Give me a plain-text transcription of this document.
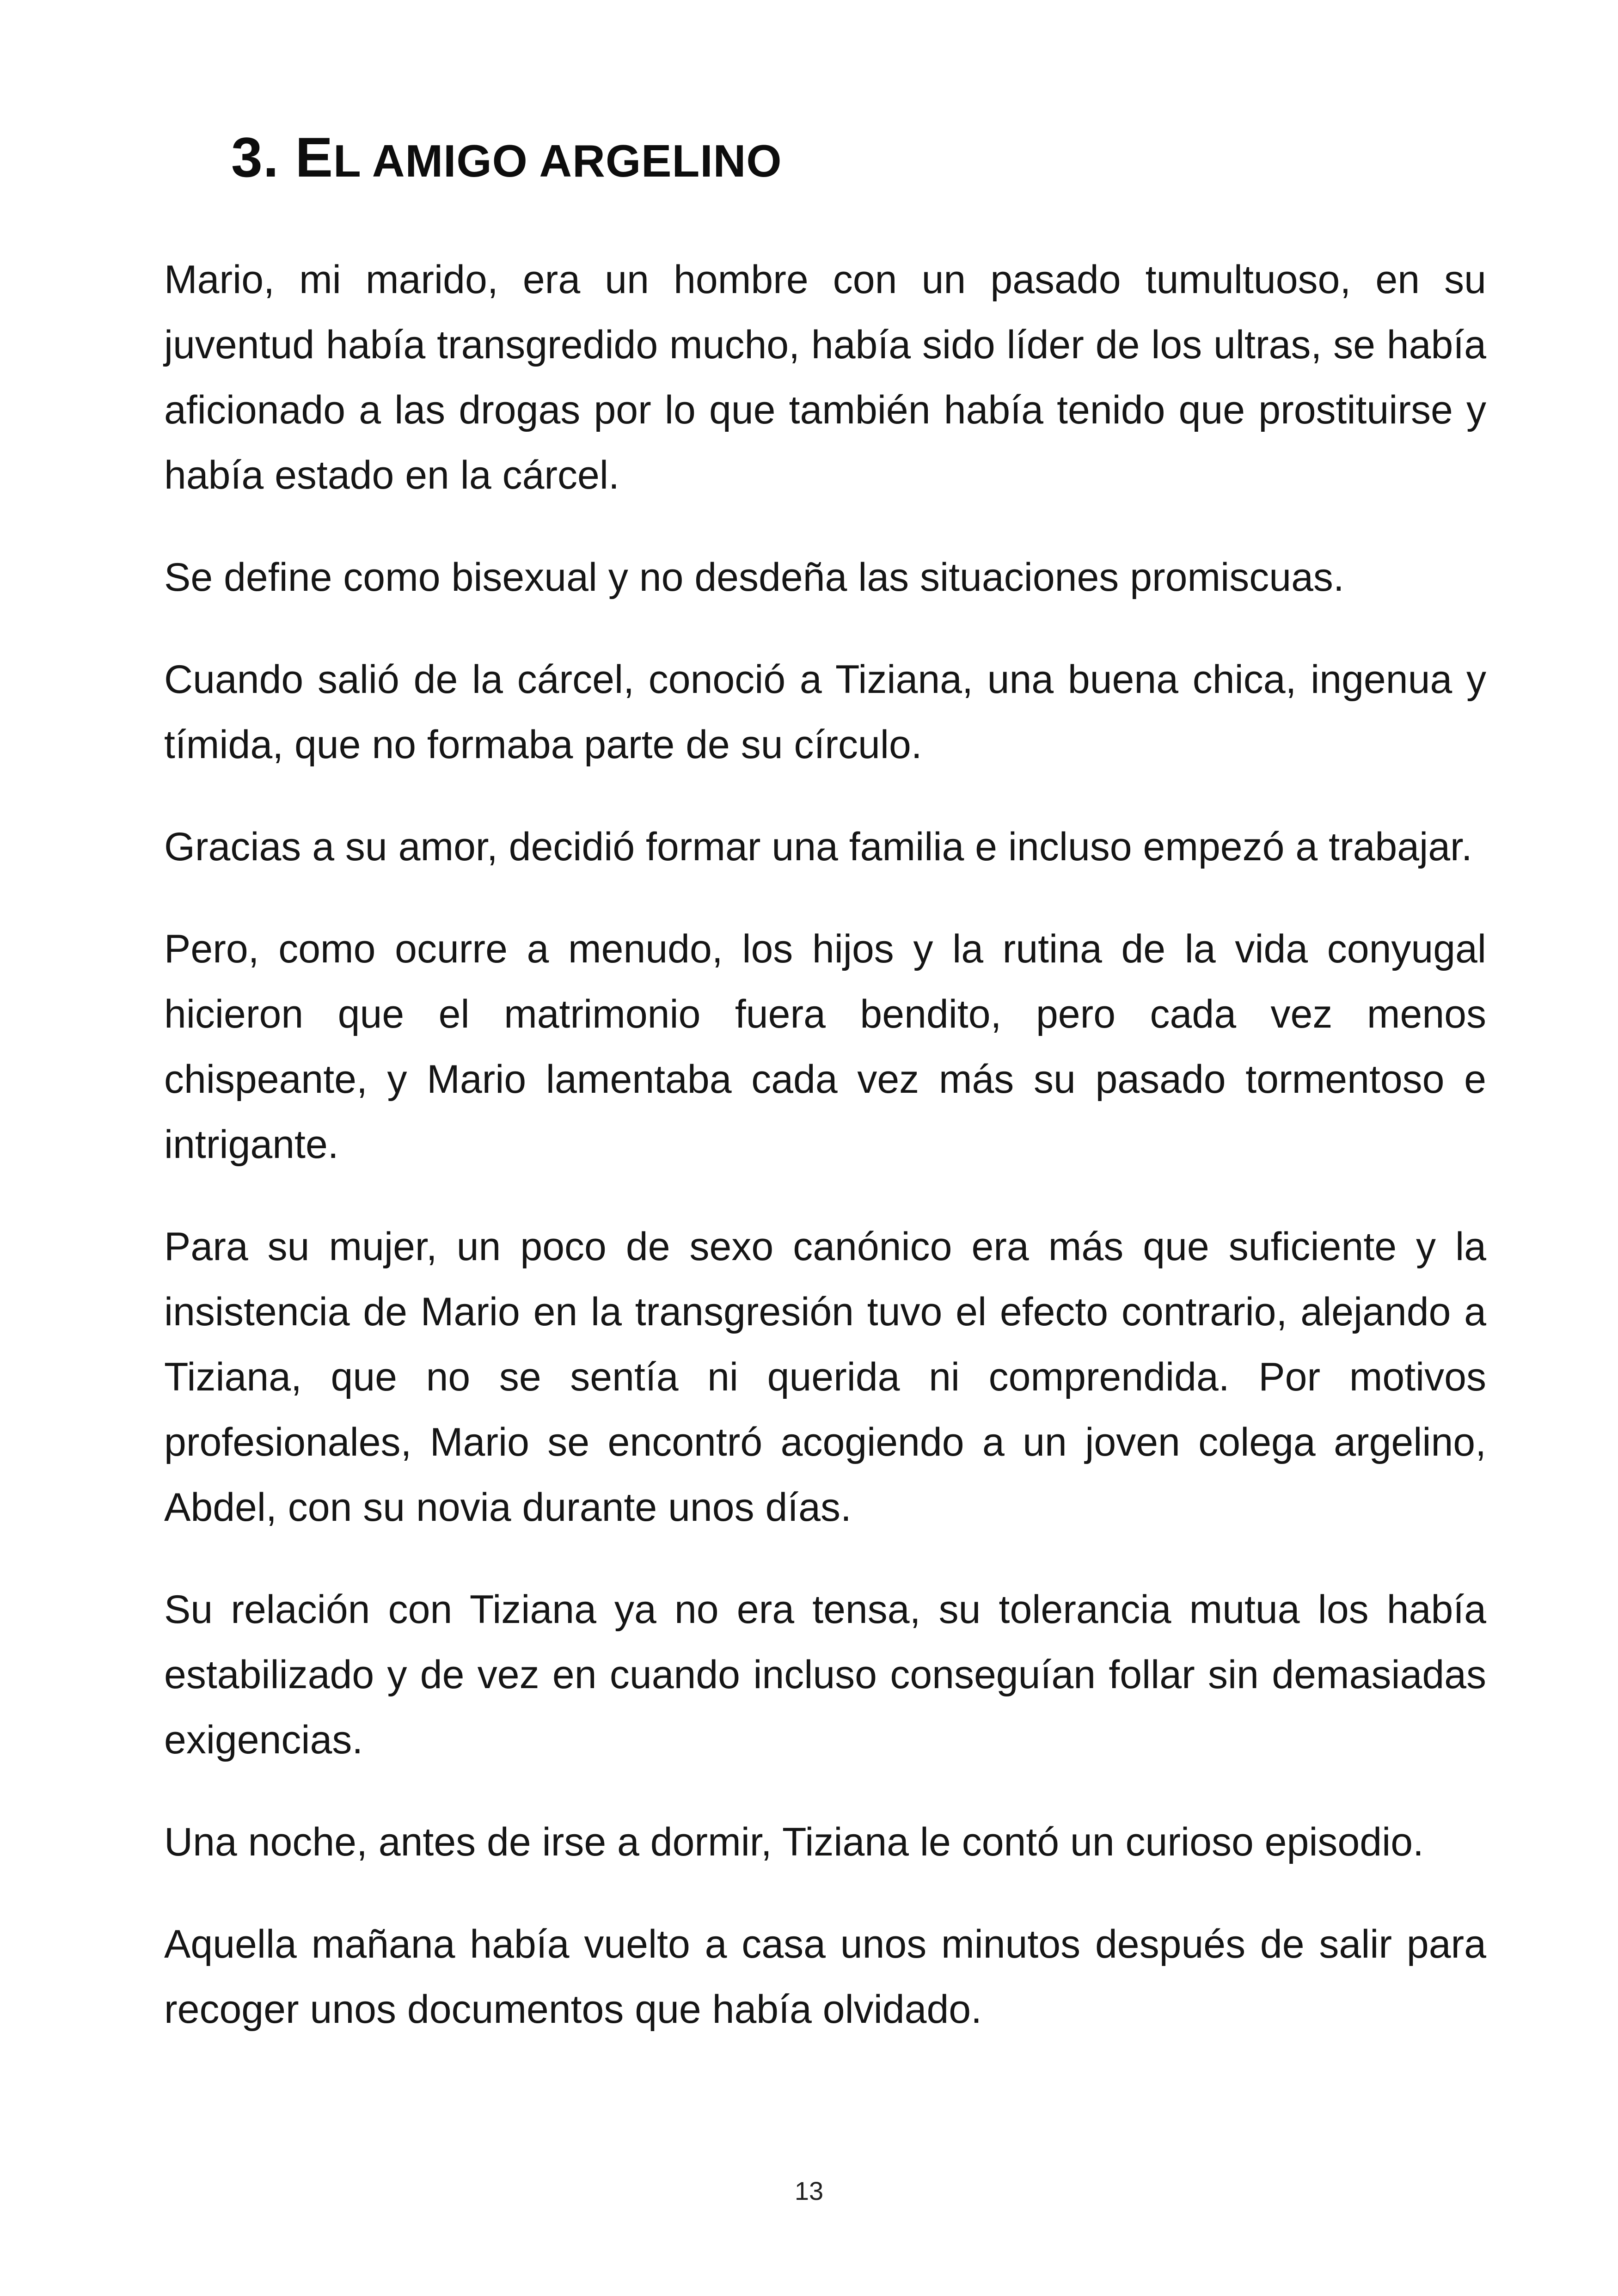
3. EL AMIGO ARGELINO

Mario, mi marido, era un hombre con un pasado tumultuoso, en su juventud había transgredido mucho, había sido líder de los ultras, se había aficionado a las drogas por lo que también había tenido que prostituirse y había estado en la cárcel.

Se define como bisexual y no desdeña las situaciones promiscuas.

Cuando salió de la cárcel, conoció a Tiziana, una buena chica, ingenua y tímida, que no formaba parte de su círculo.

Gracias a su amor, decidió formar una familia e incluso empezó a trabajar.

Pero, como ocurre a menudo, los hijos y la rutina de la vida conyugal hicieron que el matrimonio fuera bendito, pero cada vez menos chispeante, y Mario lamentaba cada vez más su pasado tormentoso e intrigante.

Para su mujer, un poco de sexo canónico era más que suficiente y la insistencia de Mario en la transgresión tuvo el efecto contrario, alejando a Tiziana, que no se sentía ni querida ni comprendida. Por motivos profesionales, Mario se encontró acogiendo a un joven colega argelino, Abdel, con su novia durante unos días.

Su relación con Tiziana ya no era tensa, su tolerancia mutua los había estabilizado y de vez en cuando incluso conseguían follar sin demasiadas exigencias.

Una noche, antes de irse a dormir, Tiziana le contó un curioso episodio.

Aquella mañana había vuelto a casa unos minutos después de salir para recoger unos documentos que había olvidado.

13
